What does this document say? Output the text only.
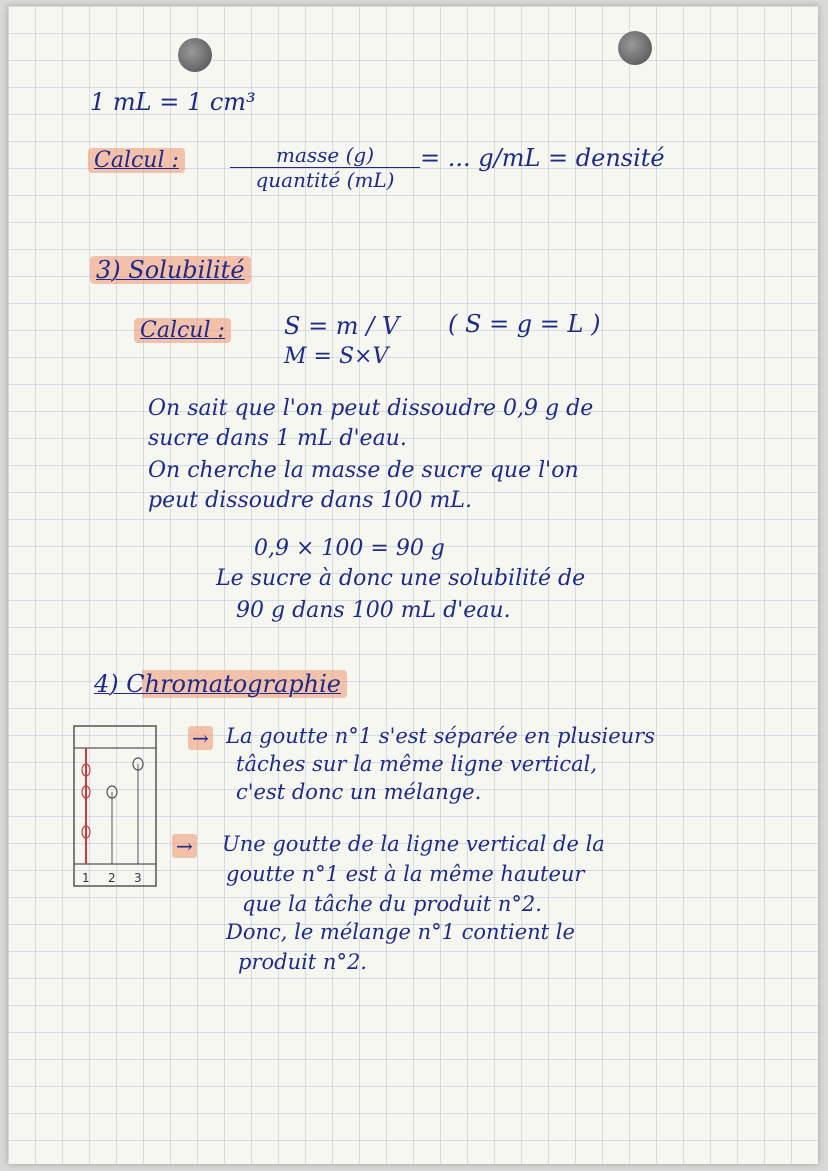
1 mL = 1 cm³
Calcul :	masse (g)
quantité (mL)
= ... g/mL = densité
3) Solubilité
Calcul : S = m / V ( S = g = L )
M = S×V
On sait que l'on peut dissoudre 0,9 g de
sucre dans 1 mL d'eau.
On cherche la masse de sucre que l'on
peut dissoudre dans 100 mL.
0,9 × 100 = 90 g
Le sucre à donc une solubilité de
90 g dans 100 mL d'eau.
4) Chromatographie
1 2 3
→ La goutte n°1 s'est séparée en plusieurs
tâches sur la même ligne vertical,
c'est donc un mélange.
→ Une goutte de la ligne vertical de la
goutte n°1 est à la même hauteur
que la tâche du produit n°2.
Donc, le mélange n°1 contient le
produit n°2.
